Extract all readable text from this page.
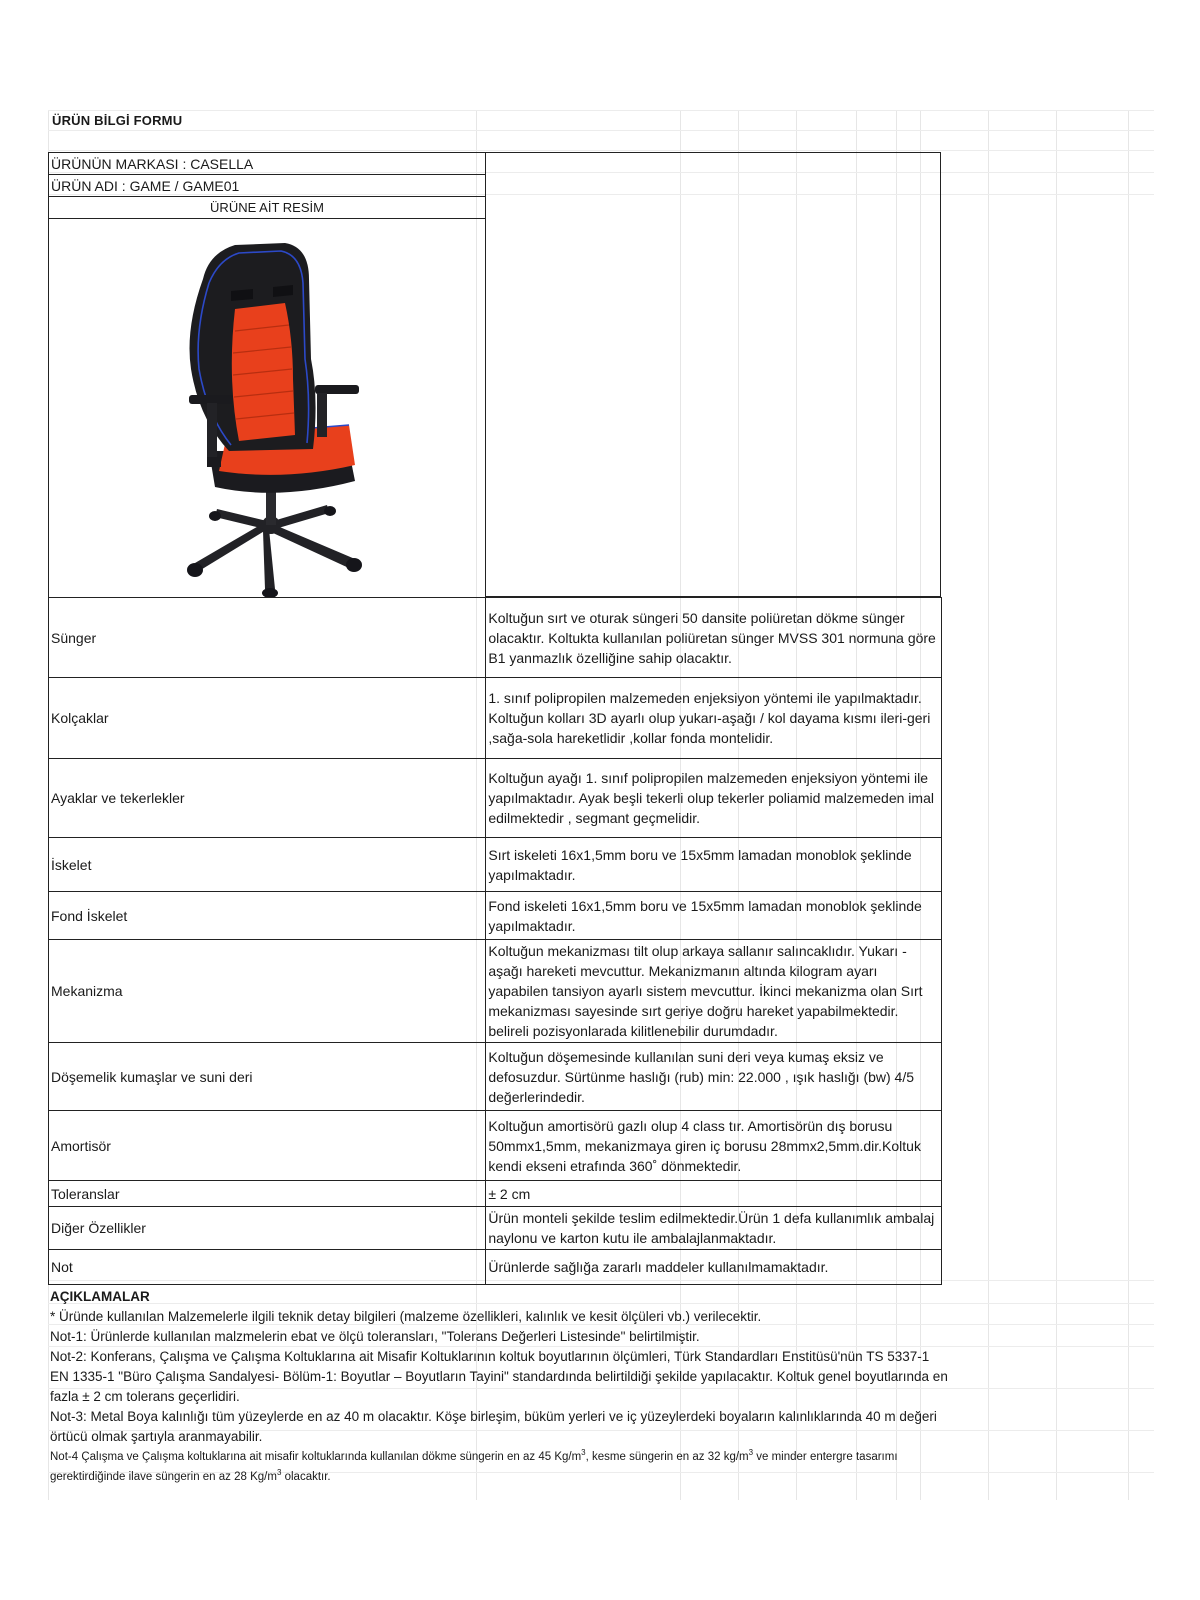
ÜRÜN BİLGİ FORMU
ÜRÜNÜN MARKASI : CASELLA
ÜRÜN ADI : GAME / GAME01
ÜRÜNE AİT RESİM
Sünger	Koltuğun sırt ve oturak süngeri 50 dansite poliüretan dökme sünger olacaktır. Koltukta kullanılan poliüretan sünger MVSS 301 normuna göre B1 yanmazlık özelliğine sahip olacaktır.
Kolçaklar	1. sınıf polipropilen malzemeden enjeksiyon yöntemi ile yapılmaktadır. Koltuğun kolları 3D ayarlı olup yukarı-aşağı / kol dayama kısmı ileri-geri ,sağa-sola hareketlidir ,kollar fonda montelidir.
Ayaklar ve tekerlekler	Koltuğun ayağı 1. sınıf polipropilen malzemeden enjeksiyon yöntemi ile yapılmaktadır. Ayak beşli tekerli olup tekerler poliamid malzemeden imal edilmektedir , segmant geçmelidir.
İskelet	Sırt iskeleti 16x1,5mm boru ve 15x5mm lamadan monoblok şeklinde yapılmaktadır.
Fond İskelet	Fond iskeleti 16x1,5mm boru ve 15x5mm lamadan monoblok şeklinde yapılmaktadır.
Mekanizma	Koltuğun mekanizması tilt olup arkaya sallanır salıncaklıdır. Yukarı - aşağı hareketi mevcuttur. Mekanizmanın altında kilogram ayarı yapabilen tansiyon ayarlı sistem mevcuttur. İkinci mekanizma olan Sırt mekanizması sayesinde sırt geriye doğru hareket yapabilmektedir. belireli pozisyonlarada kilitlenebilir durumdadır.
Döşemelik kumaşlar ve suni deri	Koltuğun döşemesinde kullanılan suni deri veya kumaş eksiz ve defosuzdur. Sürtünme haslığı (rub) min: 22.000 , ışık haslığı (bw) 4/5 değerlerindedir.
Amortisör	Koltuğun amortisörü gazlı olup 4 class tır. Amortisörün dış borusu 50mmx1,5mm, mekanizmaya giren iç borusu 28mmx2,5mm.dir.Koltuk kendi ekseni etrafında 360˚ dönmektedir.
Toleranslar	± 2 cm
Diğer Özellikler	Ürün monteli şekilde teslim edilmektedir.Ürün 1 defa kullanımlık ambalaj naylonu ve karton kutu ile ambalajlanmaktadır.
Not	Ürünlerde sağlığa zararlı maddeler kullanılmamaktadır.

AÇIKLAMALAR

* Üründe kullanılan Malzemelerle ilgili teknik detay bilgileri (malzeme özellikleri, kalınlık ve kesit ölçüleri vb.) verilecektir.

Not-1: Ürünlerde kullanılan malzmelerin ebat ve ölçü toleransları, "Tolerans Değerleri Listesinde" belirtilmiştir.

Not-2: Konferans, Çalışma ve Çalışma Koltuklarına ait Misafir Koltuklarının koltuk boyutlarının ölçümleri, Türk Standardları Enstitüsü'nün TS 5337-1 EN 1335-1 "Büro Çalışma Sandalyesi- Bölüm-1: Boyutlar – Boyutların Tayini" standardında belirtildiği şekilde yapılacaktır. Koltuk genel boyutlarında en fazla ± 2 cm tolerans geçerlidiri.

Not-3: Metal Boya kalınlığı tüm yüzeylerde en az 40 m olacaktır. Köşe birleşim, büküm yerleri ve iç yüzeylerdeki boyaların kalınlıklarında 40 m değeri örtücü olmak şartıyla aranmayabilir.

Not-4 Çalışma ve Çalışma koltuklarına ait misafir koltuklarında kullanılan dökme süngerin en az 45 $Kg/m^3$, kesme süngerin en az 32 $kg/m^3$ ve minder entergre tasarımı gerektirdiğinde ilave süngerin en az 28 $Kg/m^3$ olacaktır.
